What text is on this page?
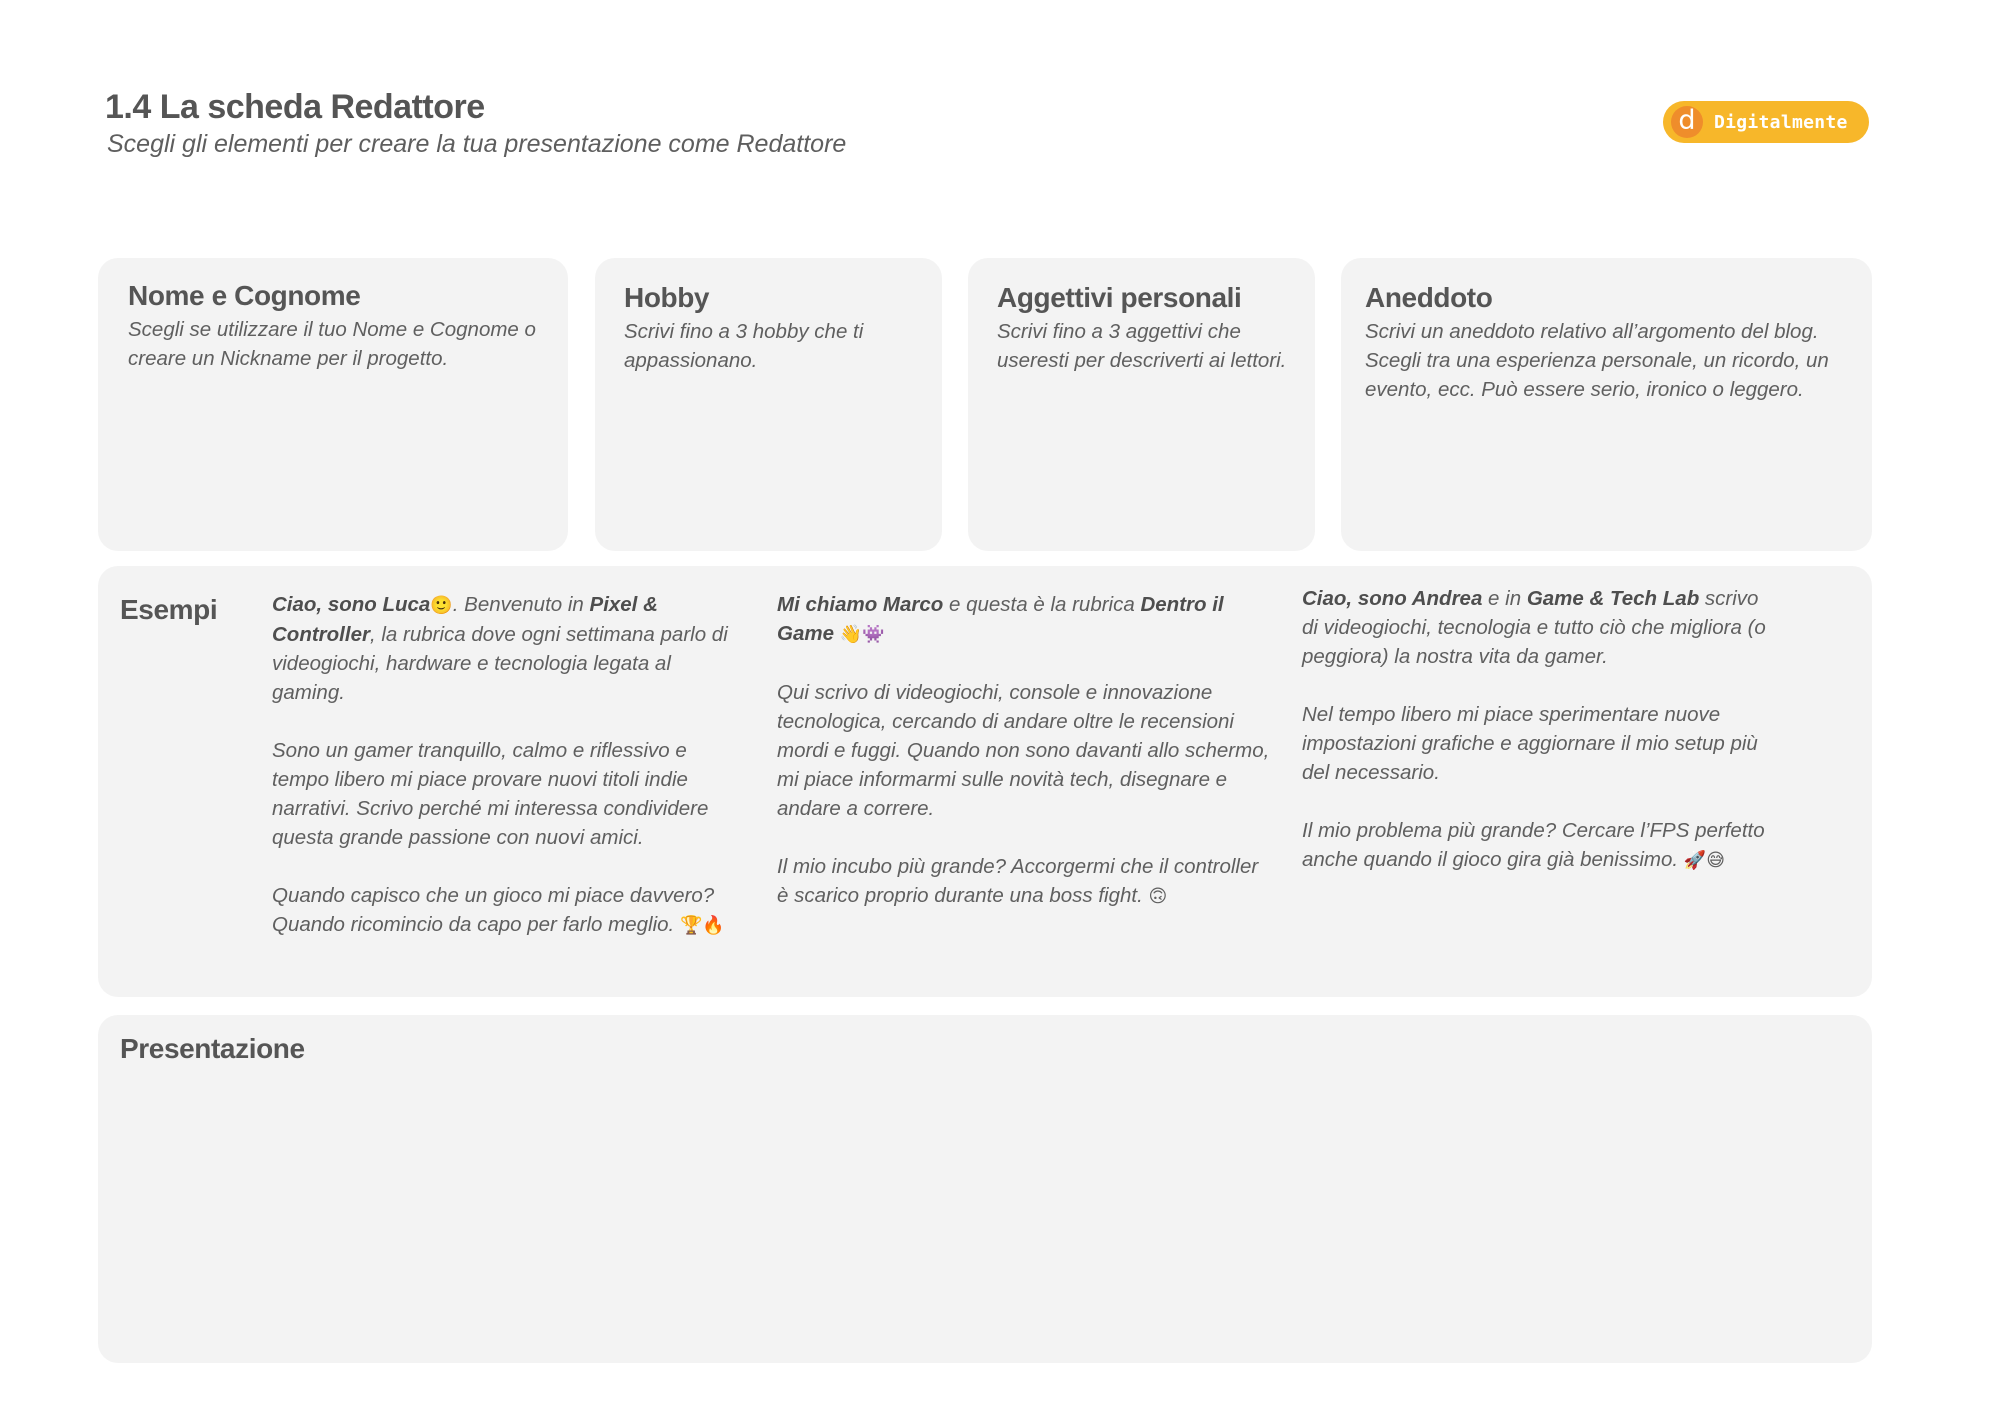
1.4 La scheda Redattore
Scegli gli elementi per creare la tua presentazione come Redattore
d	Digitalmente
Nome e Cognome
Scegli se utilizzare il tuo Nome e Cognome o creare un Nickname per il progetto.
Hobby
Scrivi fino a 3 hobby che ti appassionano.
Aggettivi personali
Scrivi fino a 3 aggettivi che useresti per descriverti ai lettori.
Aneddoto
Scrivi un aneddoto relativo all’argomento del blog. Scegli tra una esperienza personale, un ricordo, un evento, ecc. Può essere serio, ironico o leggero.
Esempi	Ciao, sono Luca🙂. Benvenuto in Pixel & Controller, la rubrica dove ogni settimana parlo di videogiochi, hardware e tecnologia legata al gaming.

Sono un gamer tranquillo, calmo e riflessivo e tempo libero mi piace provare nuovi titoli indie narrativi. Scrivo perché mi interessa condividere questa grande passione con nuovi amici.

Quando capisco che un gioco mi piace davvero? Quando ricomincio da capo per farlo meglio. 🏆🔥

Mi chiamo Marco e questa è la rubrica Dentro il Game 👋👾

Qui scrivo di videogiochi, console e innovazione tecnologica, cercando di andare oltre le recensioni mordi e fuggi. Quando non sono davanti allo schermo, mi piace informarmi sulle novità tech, disegnare e andare a correre.

Il mio incubo più grande? Accorgermi che il controller è scarico proprio durante una boss fight. 🙃

Ciao, sono Andrea e in Game & Tech Lab scrivo di videogiochi, tecnologia e tutto ciò che migliora (o peggiora) la nostra vita da gamer.

Nel tempo libero mi piace sperimentare nuove impostazioni grafiche e aggiornare il mio setup più del necessario.

Il mio problema più grande? Cercare l’FPS perfetto anche quando il gioco gira già benissimo. 🚀😅

Presentazione
